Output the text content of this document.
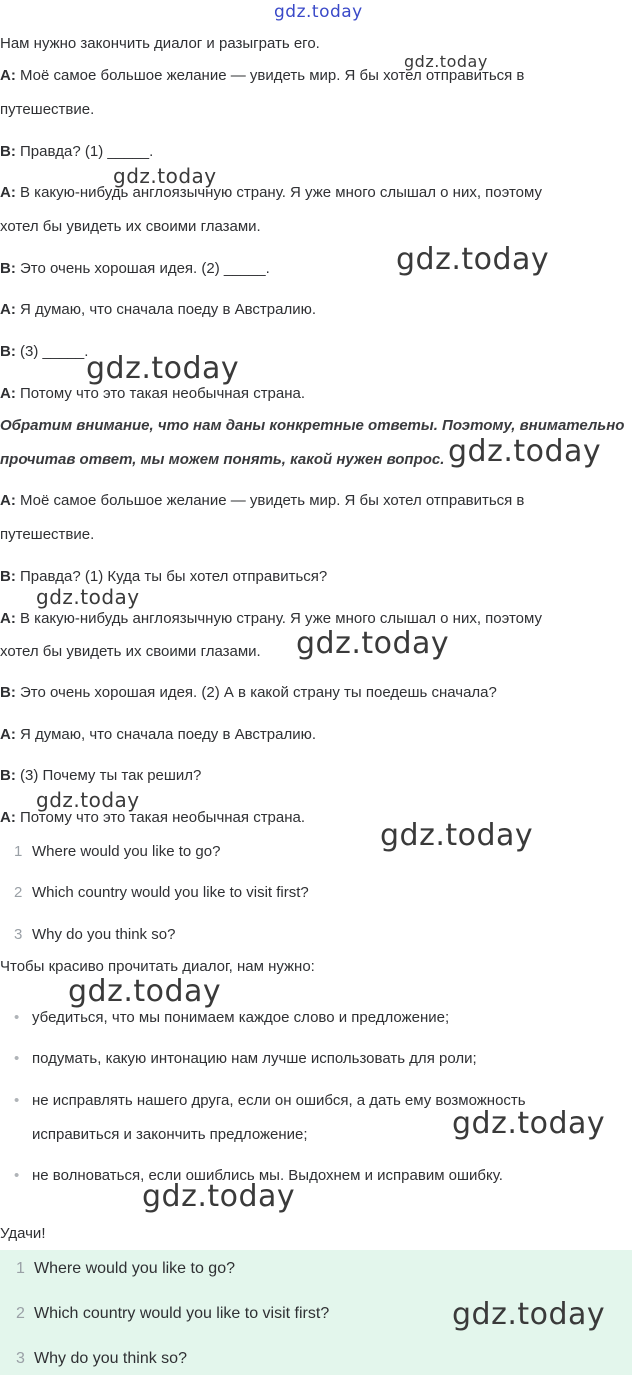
gdz.today
Нам нужно закончить диалог и разыграть его.
A: Моё самое большое желание — увидеть мир. Я бы хотел отправиться в
путешествие.
B: Правда? (1) _____.
A: В какую-нибудь англоязычную страну. Я уже много слышал о них, поэтому
хотел бы увидеть их своими глазами.
B: Это очень хорошая идея. (2) _____.
A: Я думаю, что сначала поеду в Австралию.
B: (3) _____.
A: Потому что это такая необычная страна.
Обратим внимание, что нам даны конкретные ответы. Поэтому, внимательно
прочитав ответ, мы можем понять, какой нужен вопрос.
A: Моё самое большое желание — увидеть мир. Я бы хотел отправиться в
путешествие.
B: Правда? (1) Куда ты бы хотел отправиться?
A: В какую-нибудь англоязычную страну. Я уже много слышал о них, поэтому
хотел бы увидеть их своими глазами.
B: Это очень хорошая идея. (2) А в какой страну ты поедешь сначала?
A: Я думаю, что сначала поеду в Австралию.
B: (3) Почему ты так решил?
A: Потому что это такая необычная страна.
1 Where would you like to go?
2 Which country would you like to visit first?
3 Why do you think so?
Чтобы красиво прочитать диалог, нам нужно:
• убедиться, что мы понимаем каждое слово и предложение;
• подумать, какую интонацию нам лучше использовать для роли;
• не исправлять нашего друга, если он ошибся, а дать ему возможность
исправиться и закончить предложение;
• не волноваться, если ошиблись мы. Выдохнем и исправим ошибку.
Удачи!
1 Where would you like to go?
2 Which country would you like to visit first?
3 Why do you think so?
gdz.today
gdz.today
gdz.today
gdz.today
gdz.today
gdz.today
gdz.today
gdz.today
gdz.today
gdz.today
gdz.today
gdz.today
gdz.today
